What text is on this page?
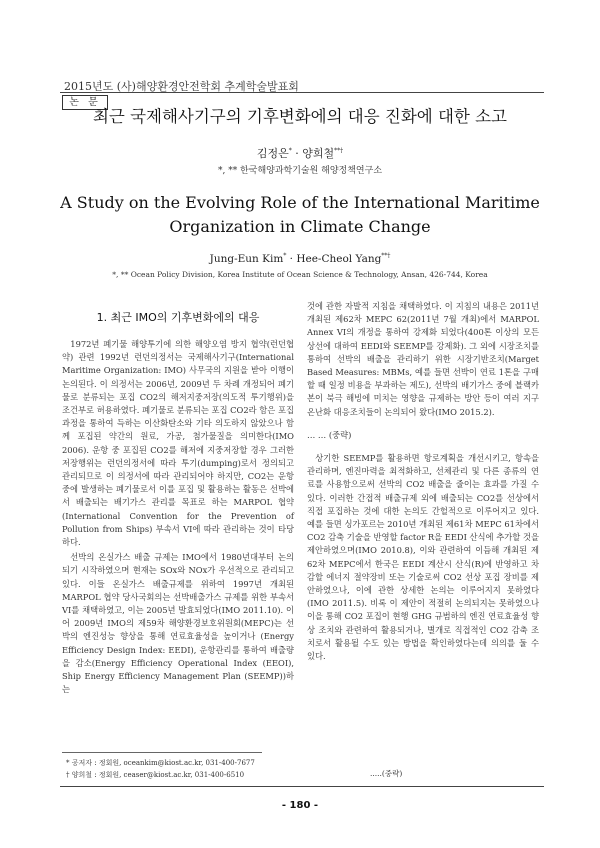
2015년도 (사)해양환경안전학회 추계학술발표회
논 문
최근 국제해사기구의 기후변화에의 대응 진화에 대한 소고
김정은* · 양희철**†
*, ** 한국해양과학기술원 해양정책연구소
A Study on the Evolving Role of the International Maritime Organization in Climate Change
Jung-Eun Kim* · Hee-Cheol Yang**†
*, ** Ocean Policy Division, Korea Institute of Ocean Science & Technology, Ansan, 426-744, Korea
1. 최근 IMO의 기후변화에의 대응

1972년 폐기물 해양투기에 의한 해양오염 방지 협약(런던협약) 관련 1992년 런던의정서는 국제해사기구(International Maritime Organization: IMO) 사무국의 지원을 받아 이행이 논의된다. 이 의정서는 2006년, 2009년 두 차례 개정되어 폐기물로 분류되는 포집 CO2의 해저지중저장(의도적 투기행위)을 조건부로 허용하였다. 폐기물로 분류되는 포집 CO2라 함은 포집 과정을 통하여 득하는 이산화탄소와 기타 의도하지 않았으나 함께 포집된 약간의 원료, 가공, 첨가물질을 의미한다(IMO 2006). 운항 중 포집된 CO2를 해저에 지중저장할 경우 그러한 저장행위는 런던의정서에 따라 투기(dumping)로서 정의되고 관리되므로 이 의정서에 따라 관리되어야 하지만, CO2는 운항 중에 발생하는 폐기물로서 이를 포집 및 활용하는 활동은 선박에서 배출되는 배기가스 관리를 목표로 하는 MARPOL 협약(International Convention for the Prevention of Pollution from Ships) 부속서 VI에 따라 관리하는 것이 타당하다.

선박의 온실가스 배출 규제는 IMO에서 1980년대부터 논의되기 시작하였으며 현재는 SOx와 NOx가 우선적으로 관리되고 있다. 이들 온실가스 배출규제를 위하여 1997년 개최된 MARPOL 협약 당사국회의는 선박배출가스 규제를 위한 부속서 VI를 채택하였고, 이는 2005년 발효되었다(IMO 2011.10). 이어 2009년 IMO의 제59차 해양환경보호위원회(MEPC)는 선박의 엔진성능 향상을 통해 연료효율성을 높이거나 (Energy Efficiency Design Index: EEDI), 운항관리를 통하여 배출량을 감소(Energy Efficiency Operational Index (EEOI), Ship Energy Efficiency Management Plan (SEEMP))하는

것에 관한 자발적 지침을 채택하였다. 이 지침의 내용은 2011년 개최된 제62차 MEPC 62(2011년 7월 개최)에서 MARPOL Annex VI의 개정을 통하여 강제화 되었다(400톤 이상의 모든 상선에 대하여 EEDI와 SEEMP를 강제화). 그 외에 시장조치를 통하여 선박의 배출을 관리하기 위한 시장기반조치(Marget Based Measures: MBMs, 예를 들면 선박이 연료 1톤을 구매할 때 일정 비용을 부과하는 제도), 선박의 배기가스 중에 블랙카본이 북극 해빙에 미치는 영향을 규제하는 방안 등이 여러 지구온난화 대응조치들이 논의되어 왔다(IMO 2015.2).

… … (중략)

상기한 SEEMP를 활용하면 항로계획을 개선시키고, 항속을 관리하며, 엔진마력을 최적화하고, 선체관리 및 다른 종류의 연료를 사용함으로써 선박의 CO2 배출을 줄이는 효과를 가질 수 있다. 이러한 간접적 배출규제 외에 배출되는 CO2를 선상에서 직접 포집하는 것에 대한 논의도 간헐적으로 이루어지고 있다. 예를 들면 싱가포르는 2010년 개최된 제61차 MEPC 61차에서 CO2 감축 기술을 반영할 factor R을 EEDI 산식에 추가할 것을 제안하였으며(IMO 2010.8), 이와 관련하여 이듬해 개최된 제62차 MEPC에서 한국은 EEDI 계산시 산식(R)에 반영하고 차감할 에너지 절약장비 또는 기술로써 CO2 선상 포집 장비를 제안하였으나, 이에 관한 상세한 논의는 이루어지지 못하였다 (IMO 2011.5). 비록 이 제안이 적절히 논의되지는 못하였으나 이을 통해 CO2 포집이 현행 GHG 규범하의 엔진 연료효율성 향상 조치와 관련하여 활용되거나, 별개로 직접적인 CO2 감축 조치로서 활용될 수도 있는 방법을 확인하였다는데 의의를 둘 수 있다.

* 공저자 : 정회원, oceankim@kiost.ac.kr, 031-400-7677
† 양희철 : 정회원, ceaser@kiost.ac.kr, 031-400-6510	.....(중략)
- 180 -
